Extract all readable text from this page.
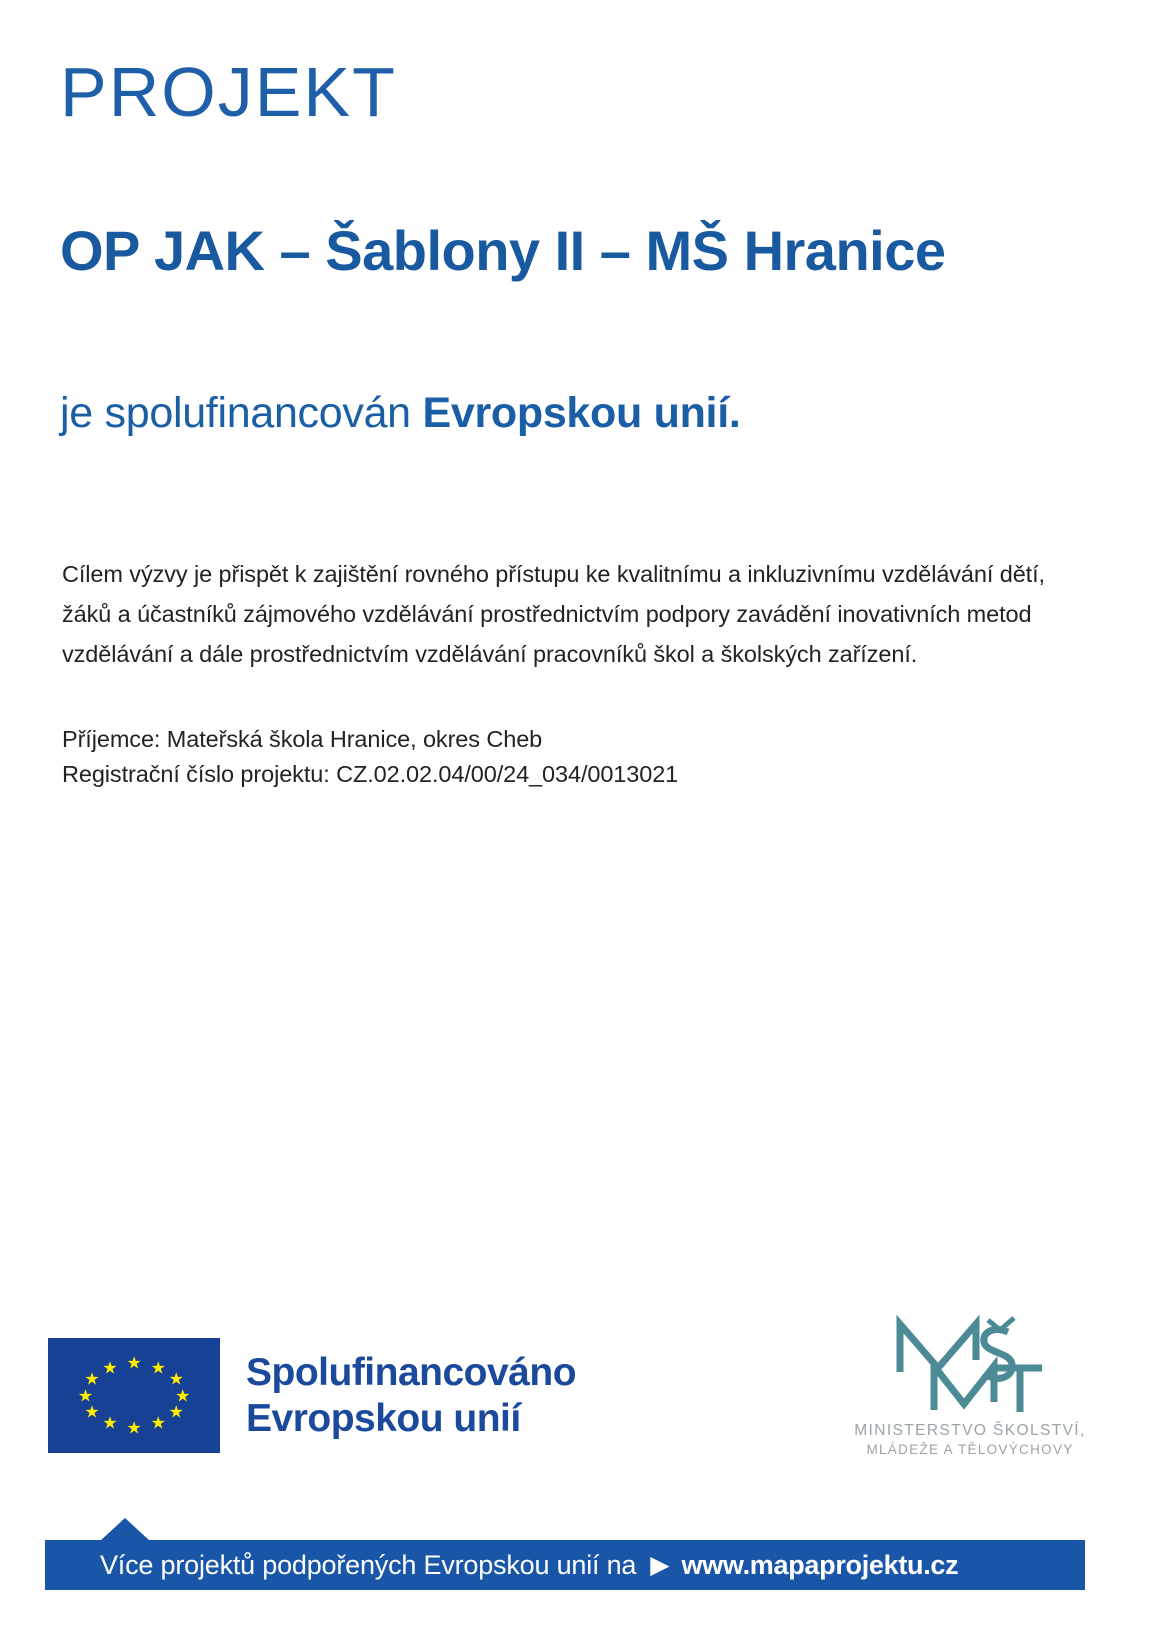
PROJEKT
OP JAK – Šablony II – MŠ Hranice
je spolufinancován Evropskou unií.

Cílem výzvy je přispět k zajištění rovného přístupu ke kvalitnímu a inkluzivnímu vzdělávání dětí, žáků a účastníků zájmového vzdělávání prostřednictvím podpory zavádění inovativních metod vzdělávání a dále prostřednictvím vzdělávání pracovníků škol a školských zařízení.

Příjemce: Mateřská škola Hranice, okres Cheb
Registrační číslo projektu: CZ.02.02.04/00/24_034/0013021
★ ★
★
★
★
★
★
★
★
★
★
★	Spolufinancováno
Evropskou unií	MINISTERSTVO ŠKOLSTVÍ,
MLÁDEŽE A TĚLOVÝCHOVY
Více projektů podpořených Evropskou unií na ▶ www.mapaprojektu.cz
